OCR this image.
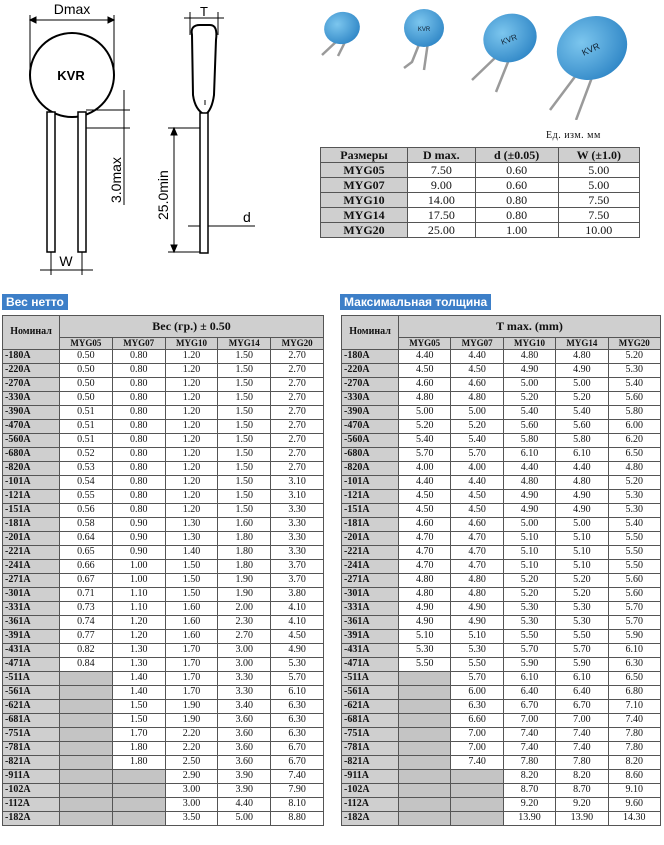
Dmax
KVR
T
3.0max 25.0min	d
W
KVR
KVR
KVR
Ед. изм. мм
Размеры	D max.	d (±0.05)	W (±1.0)
MYG05	7.50	0.60	5.00
MYG07	9.00	0.60	5.00
MYG10	14.00	0.80	7.50
MYG14	17.50	0.80	7.50
MYG20	25.00	1.00	10.00
Вес нетто	Максимальная толщина
Номинал	Вес (гр.) ± 0.50				
	MYG05	MYG07	MYG10	MYG14	MYG20
-180A	0.50	0.80	1.20	1.50	2.70
-220A	0.50	0.80	1.20	1.50	2.70
-270A	0.50	0.80	1.20	1.50	2.70
-330A	0.50	0.80	1.20	1.50	2.70
-390A	0.51	0.80	1.20	1.50	2.70
-470A	0.51	0.80	1.20	1.50	2.70
-560A	0.51	0.80	1.20	1.50	2.70
-680A	0.52	0.80	1.20	1.50	2.70
-820A	0.53	0.80	1.20	1.50	2.70
-101A	0.54	0.80	1.20	1.50	3.10
-121A	0.55	0.80	1.20	1.50	3.10
-151A	0.56	0.80	1.20	1.50	3.30
-181A	0.58	0.90	1.30	1.60	3.30
-201A	0.64	0.90	1.30	1.80	3.30
-221A	0.65	0.90	1.40	1.80	3.30
-241A	0.66	1.00	1.50	1.80	3.70
-271A	0.67	1.00	1.50	1.90	3.70
-301A	0.71	1.10	1.50	1.90	3.80
-331A	0.73	1.10	1.60	2.00	4.10
-361A	0.74	1.20	1.60	2.30	4.10
-391A	0.77	1.20	1.60	2.70	4.50
-431A	0.82	1.30	1.70	3.00	4.90
-471A	0.84	1.30	1.70	3.00	5.30
-511A		1.40	1.70	3.30	5.70
-561A		1.40	1.70	3.30	6.10
-621A		1.50	1.90	3.40	6.30
-681A		1.50	1.90	3.60	6.30
-751A		1.70	2.20	3.60	6.30
-781A		1.80	2.20	3.60	6.70
-821A		1.80	2.50	3.60	6.70
-911A			2.90	3.90	7.40
-102A			3.00	3.90	7.90
-112A			3.00	4.40	8.10
-182A			3.50	5.00	8.80
Номинал	T max. (mm)				
	MYG05	MYG07	MYG10	MYG14	MYG20
-180A	4.40	4.40	4.80	4.80	5.20
-220A	4.50	4.50	4.90	4.90	5.30
-270A	4.60	4.60	5.00	5.00	5.40
-330A	4.80	4.80	5.20	5.20	5.60
-390A	5.00	5.00	5.40	5.40	5.80
-470A	5.20	5.20	5.60	5.60	6.00
-560A	5.40	5.40	5.80	5.80	6.20
-680A	5.70	5.70	6.10	6.10	6.50
-820A	4.00	4.00	4.40	4.40	4.80
-101A	4.40	4.40	4.80	4.80	5.20
-121A	4.50	4.50	4.90	4.90	5.30
-151A	4.50	4.50	4.90	4.90	5.30
-181A	4.60	4.60	5.00	5.00	5.40
-201A	4.70	4.70	5.10	5.10	5.50
-221A	4.70	4.70	5.10	5.10	5.50
-241A	4.70	4.70	5.10	5.10	5.50
-271A	4.80	4.80	5.20	5.20	5.60
-301A	4.80	4.80	5.20	5.20	5.60
-331A	4.90	4.90	5.30	5.30	5.70
-361A	4.90	4.90	5.30	5.30	5.70
-391A	5.10	5.10	5.50	5.50	5.90
-431A	5.30	5.30	5.70	5.70	6.10
-471A	5.50	5.50	5.90	5.90	6.30
-511A		5.70	6.10	6.10	6.50
-561A		6.00	6.40	6.40	6.80
-621A		6.30	6.70	6.70	7.10
-681A		6.60	7.00	7.00	7.40
-751A		7.00	7.40	7.40	7.80
-781A		7.00	7.40	7.40	7.80
-821A		7.40	7.80	7.80	8.20
-911A			8.20	8.20	8.60
-102A			8.70	8.70	9.10
-112A			9.20	9.20	9.60
-182A			13.90	13.90	14.30
